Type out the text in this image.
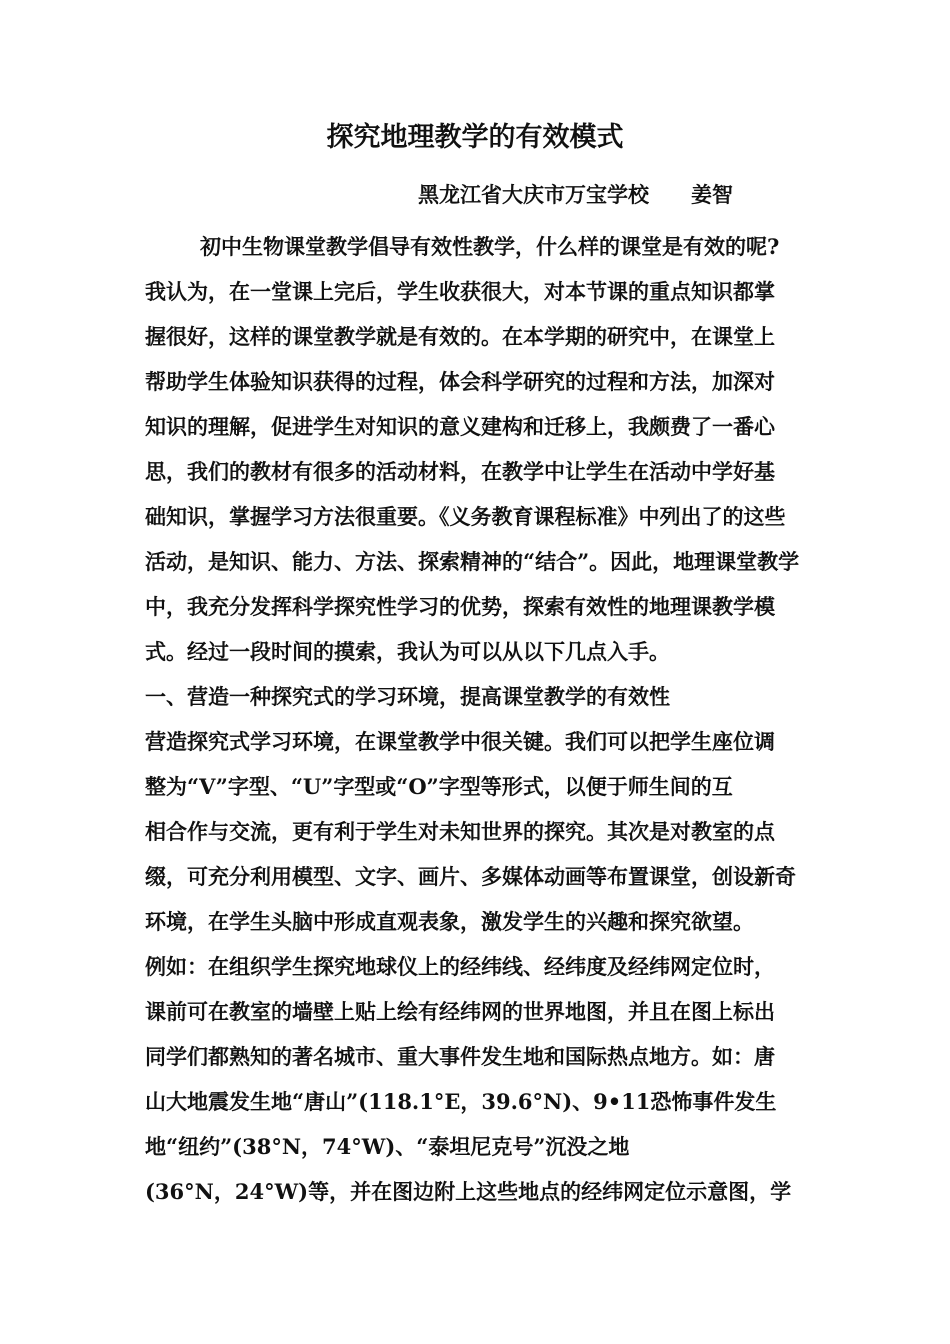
探究地理教学的有效模式
黑龙江省大庆市万宝学校 姜智
初中生物课堂教学倡导有效性教学，什么样的课堂是有效的呢?
我认为，在一堂课上完后，学生收获很大，对本节课的重点知识都掌
握很好，这样的课堂教学就是有效的。在本学期的研究中，在课堂上
帮助学生体验知识获得的过程，体会科学研究的过程和方法，加深对
知识的理解，促进学生对知识的意义建构和迁移上，我颇费了一番心
思，我们的教材有很多的活动材料，在教学中让学生在活动中学好基
础知识，掌握学习方法很重要。《义务教育课程标准》中列出了的这些
活动，是知识、能力、方法、探索精神的“结合”。因此，地理课堂教学
中，我充分发挥科学探究性学习的优势，探索有效性的地理课教学模
式。经过一段时间的摸索，我认为可以从以下几点入手。
一、营造一种探究式的学习环境，提高课堂教学的有效性
营造探究式学习环境，在课堂教学中很关键。我们可以把学生座位调
整为“V”字型、“U”字型或“O”字型等形式，以便于师生间的互
相合作与交流，更有利于学生对未知世界的探究。其次是对教室的点
缀，可充分利用模型、文字、画片、多媒体动画等布置课堂，创设新奇
环境，在学生头脑中形成直观表象，激发学生的兴趣和探究欲望。
例如：在组织学生探究地球仪上的经纬线、经纬度及经纬网定位时，
课前可在教室的墙壁上贴上绘有经纬网的世界地图，并且在图上标出
同学们都熟知的著名城市、重大事件发生地和国际热点地方。如：唐
山大地震发生地“唐山”(118.1°E，39.6°N)、9•11恐怖事件发生
地“纽约”(38°N，74°W)、“泰坦尼克号”沉没之地
(36°N，24°W)等，并在图边附上这些地点的经纬网定位示意图，学
